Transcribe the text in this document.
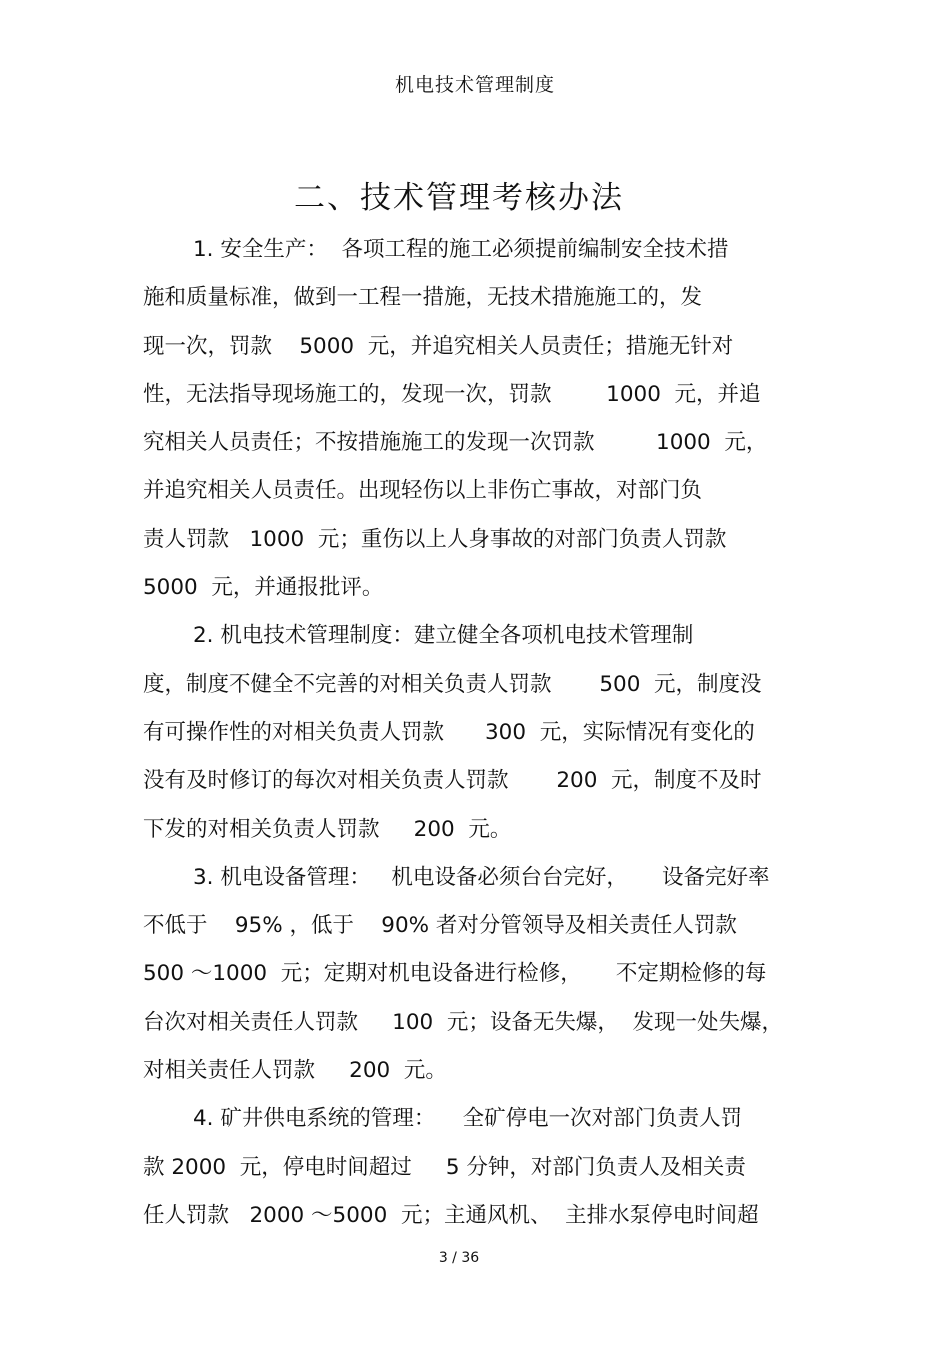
机电技术管理制度
二、技术管理考核办法
1. 安全生产：  各项工程的施工必须提前编制安全技术措
施和质量标准，做到一工程一措施，无技术措施施工的，发
现一次，罚款    5000  元，并追究相关人员责任；措施无针对
性，无法指导现场施工的，发现一次，罚款        1000  元，并追
究相关人员责任；不按措施施工的发现一次罚款         1000  元，
并追究相关人员责任。出现轻伤以上非伤亡事故，对部门负
责人罚款   1000  元；重伤以上人身事故的对部门负责人罚款
5000  元，并通报批评。
2. 机电技术管理制度：建立健全各项机电技术管理制
度，制度不健全不完善的对相关负责人罚款       500  元，制度没
有可操作性的对相关负责人罚款      300  元，实际情况有变化的
没有及时修订的每次对相关负责人罚款       200  元，制度不及时
下发的对相关负责人罚款     200  元。
3. 机电设备管理：   机电设备必须台台完好，     设备完好率
不低于    95% ，低于    90% 者对分管领导及相关责任人罚款
500 ～1000  元；定期对机电设备进行检修，     不定期检修的每
台次对相关责任人罚款     100  元；设备无失爆，  发现一处失爆，
对相关责任人罚款     200  元。
4. 矿井供电系统的管理：    全矿停电一次对部门负责人罚
款 2000  元，停电时间超过     5 分钟，对部门负责人及相关责
任人罚款   2000 ～5000  元；主通风机、  主排水泵停电时间超
3 / 36
